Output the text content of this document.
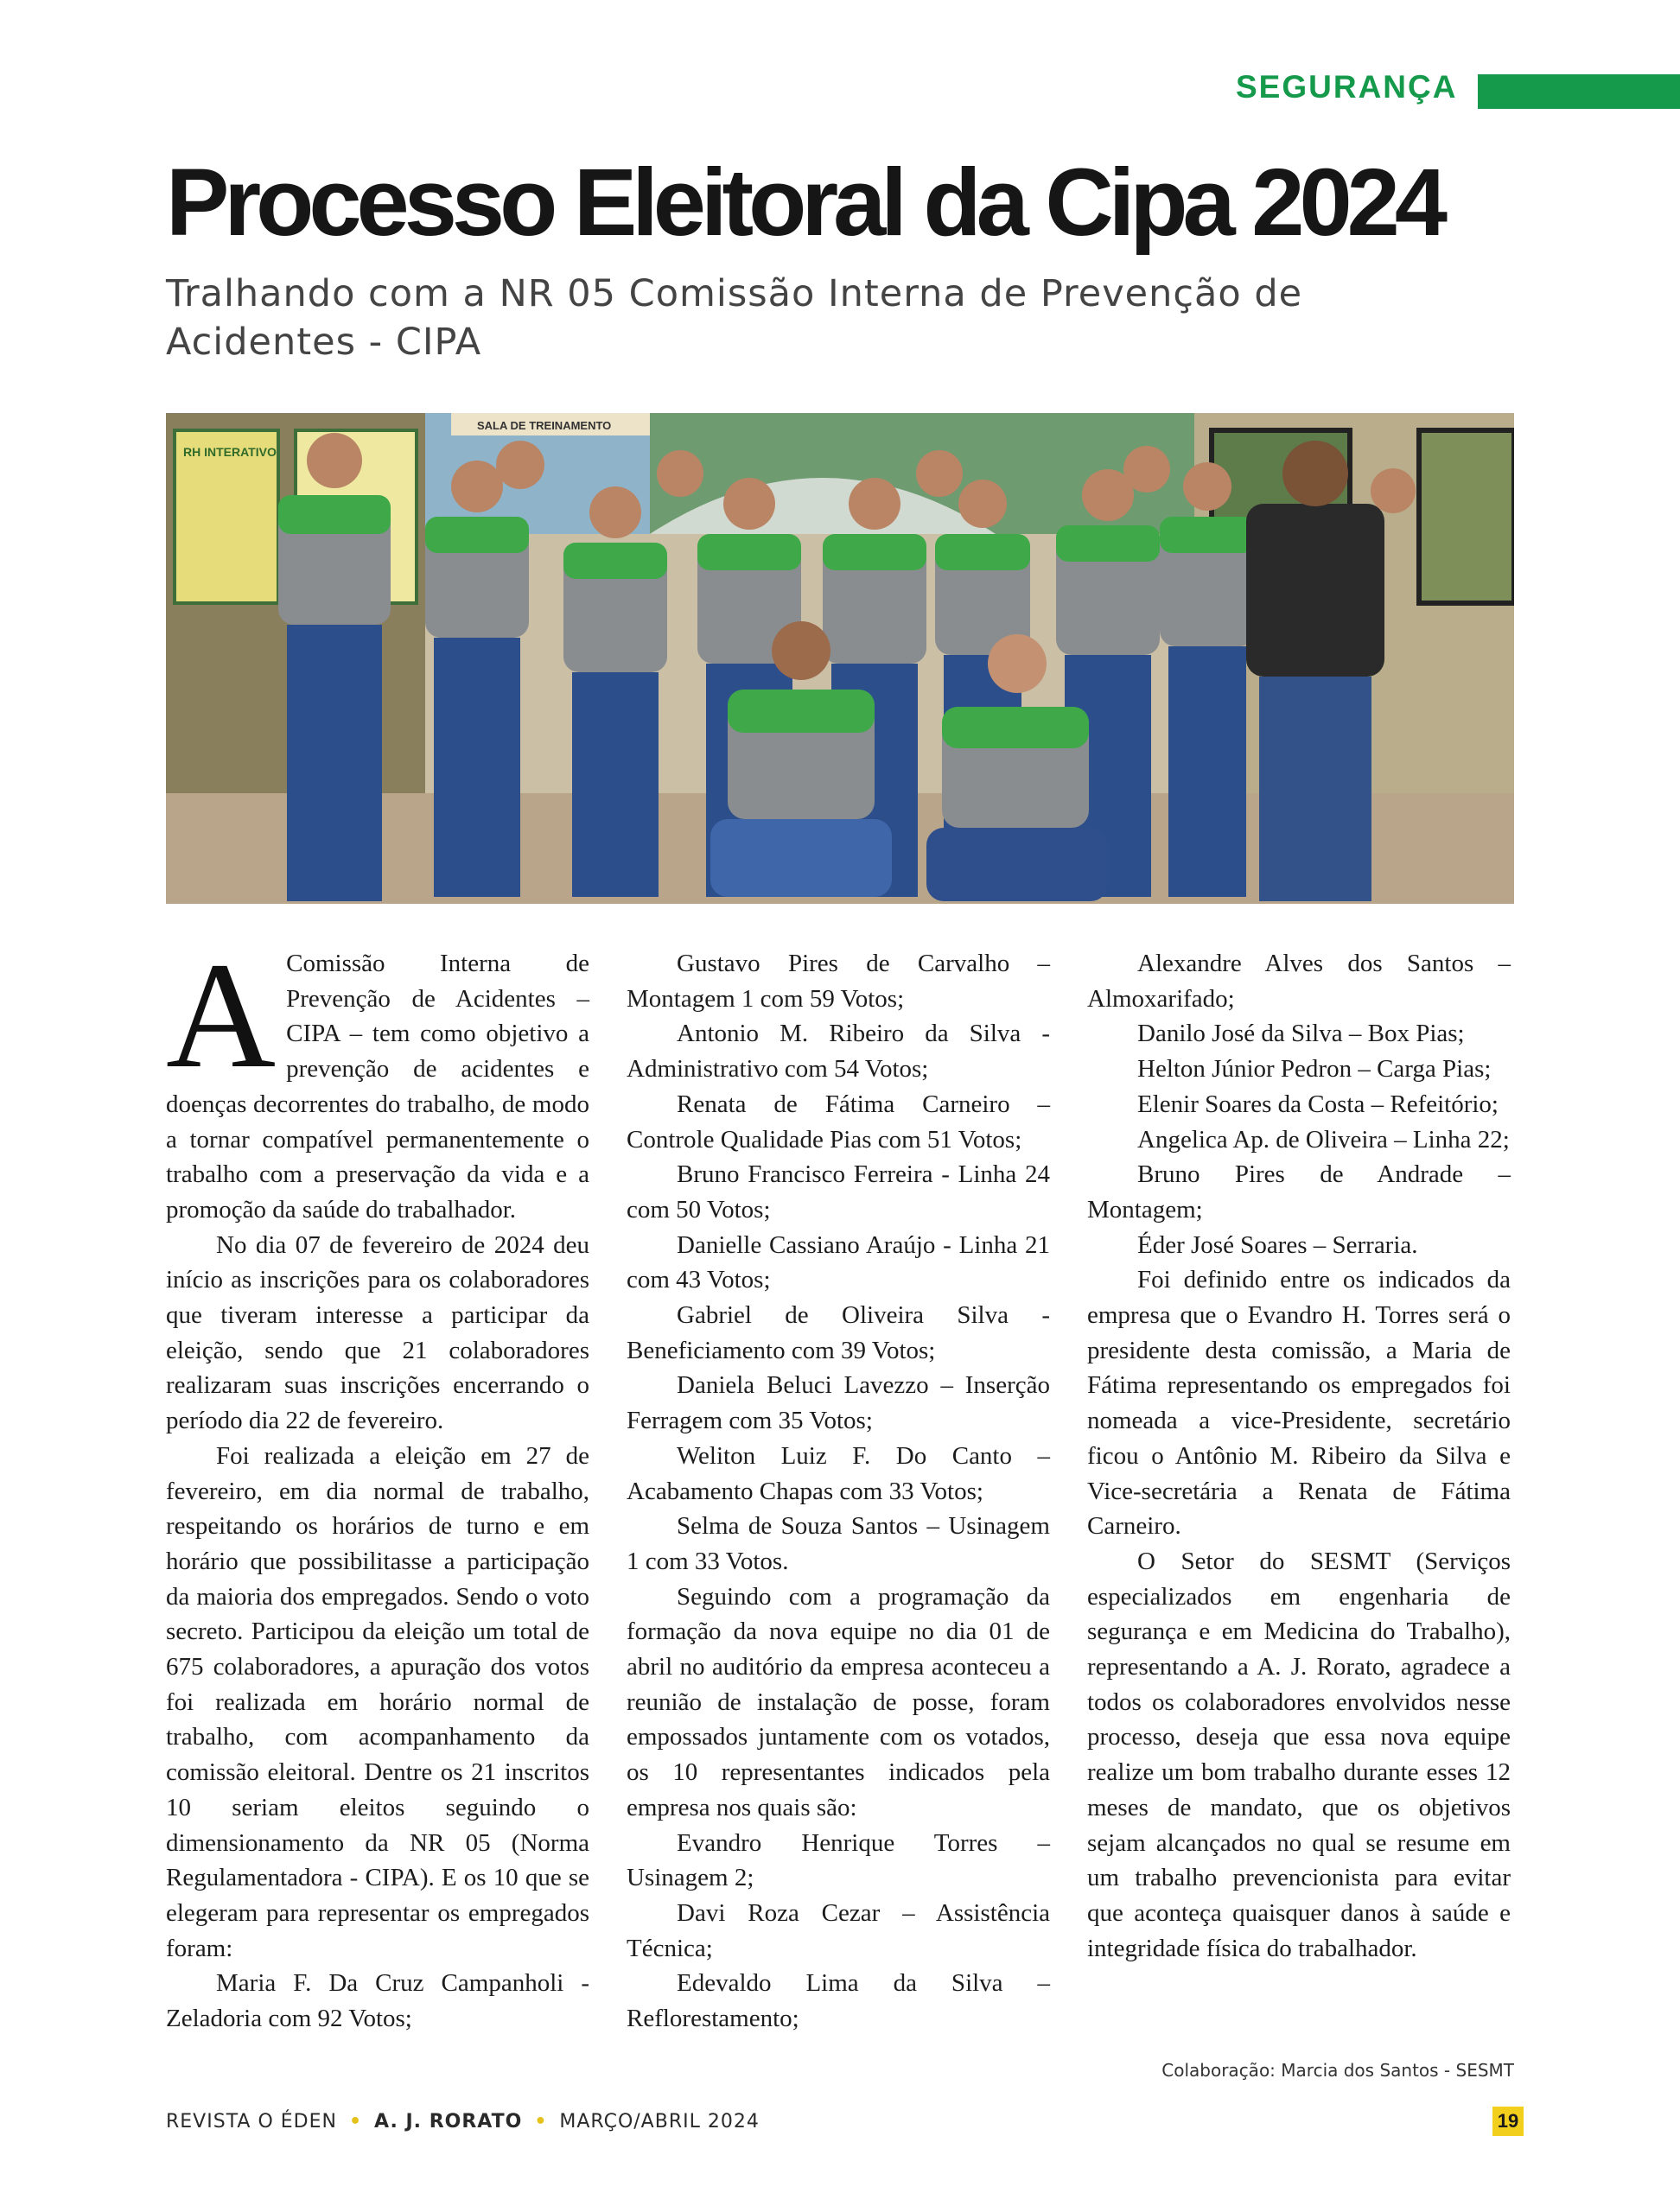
SEGURANÇA
Processo Eleitoral da Cipa 2024
Tralhando com a NR 05 Comissão Interna de Prevenção de Acidentes - CIPA
RH INTERATIVO
SALA DE TREINAMENTO

A Comissão Interna de Prevenção de Acidentes – CIPA – tem como objetivo a prevenção de acidentes e doenças decorrentes do trabalho, de modo a tornar compatível permanentemente o trabalho com a preservação da vida e a promoção da saúde do trabalhador.

No dia 07 de fevereiro de 2024 deu início as inscrições para os colaboradores que tiveram interesse a participar da eleição, sendo que 21 colaboradores realizaram suas inscrições encerrando o período dia 22 de fevereiro.

Foi realizada a eleição em 27 de fevereiro, em dia normal de trabalho, respeitando os horários de turno e em horário que possibilitasse a participação da maioria dos empregados. Sendo o voto secreto. Participou da eleição um total de 675 colaboradores, a apuração dos votos foi realizada em horário normal de trabalho, com acompanhamento da comissão eleitoral. Dentre os 21 inscritos 10 seriam eleitos seguindo o dimensionamento da NR 05 (Norma Regulamentadora - CIPA). E os 10 que se elegeram para representar os empregados foram:

Maria F. Da Cruz Campanholi - Zeladoria com 92 Votos;

Gustavo Pires de Carvalho – Montagem 1 com 59 Votos;

Antonio M. Ribeiro da Silva - Administrativo com 54 Votos;

Renata de Fátima Carneiro – Controle Qualidade Pias com 51 Votos;

Bruno Francisco Ferreira - Linha 24 com 50 Votos;

Danielle Cassiano Araújo - Linha 21 com 43 Votos;

Gabriel de Oliveira Silva - Beneficiamento com 39 Votos;

Daniela Beluci Lavezzo – Inserção Ferragem com 35 Votos;

Weliton Luiz F. Do Canto – Acabamento Chapas com 33 Votos;

Selma de Souza Santos – Usinagem 1 com 33 Votos.

Seguindo com a programação da formação da nova equipe no dia 01 de abril no auditório da empresa aconteceu a reunião de instalação de posse, foram empossados juntamente com os votados, os 10 representantes indicados pela empresa nos quais são:

Evandro Henrique Torres – Usinagem 2;

Davi Roza Cezar – Assistência Técnica;

Edevaldo Lima da Silva – Reflorestamento;

Alexandre Alves dos Santos – Almoxarifado;

Danilo José da Silva – Box Pias;

Helton Júnior Pedron – Carga Pias;

Elenir Soares da Costa – Refeitório;

Angelica Ap. de Oliveira – Linha 22;

Bruno Pires de Andrade – Montagem;

Éder José Soares – Serraria.

Foi definido entre os indicados da empresa que o Evandro H. Torres será o presidente desta comissão, a Maria de Fátima representando os empregados foi nomeada a vice-Presidente, secretário ficou o Antônio M. Ribeiro da Silva e Vice-secretária a Renata de Fátima Carneiro.

O Setor do SESMT (Serviços especializados em engenharia de segurança e em Medicina do Trabalho), representando a A. J. Rorato, agradece a todos os colaboradores envolvidos nesse processo, deseja que essa nova equipe realize um bom trabalho durante esses 12 meses de mandato, que os objetivos sejam alcançados no qual se resume em um trabalho prevencionista para evitar que aconteça quaisquer danos à saúde e integridade física do trabalhador.

Colaboração: Marcia dos Santos - SESMT
REVISTA O ÉDEN • A. J. RORATO • MARÇO/ABRIL 2024	19
